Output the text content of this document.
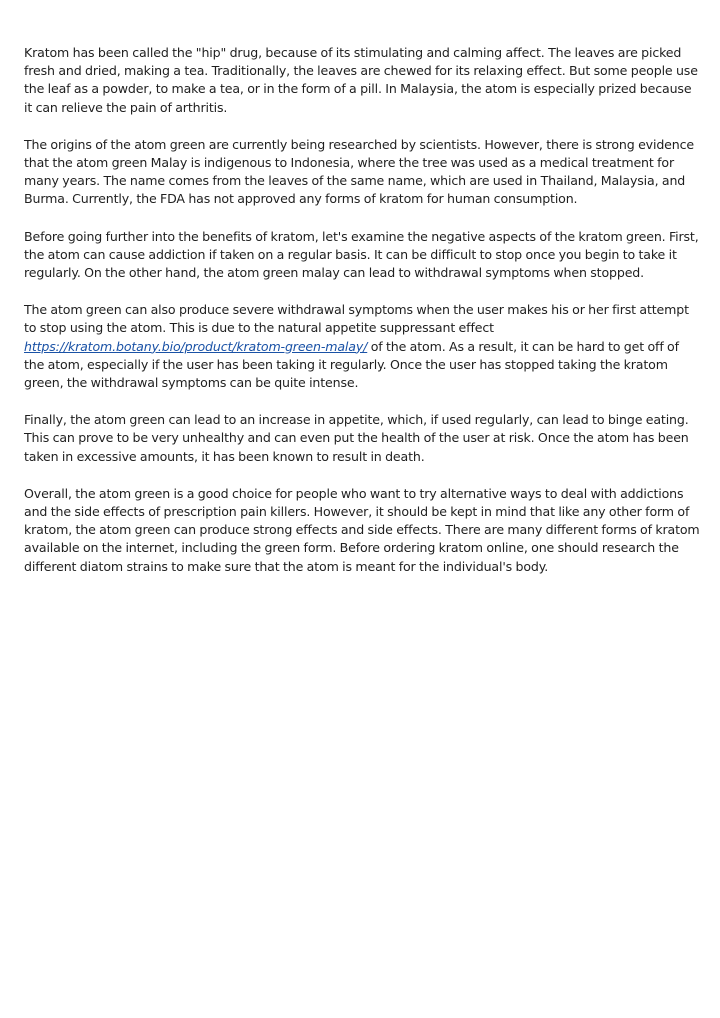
Kratom has been called the "hip" drug, because of its stimulating and calming affect. The leaves are picked fresh and dried, making a tea. Traditionally, the leaves are chewed for its relaxing effect. But some people use the leaf as a powder, to make a tea, or in the form of a pill. In Malaysia, the atom is especially prized because it can relieve the pain of arthritis.

The origins of the atom green are currently being researched by scientists. However, there is strong evidence that the atom green Malay is indigenous to Indonesia, where the tree was used as a medical treatment for many years. The name comes from the leaves of the same name, which are used in Thailand, Malaysia, and Burma. Currently, the FDA has not approved any forms of kratom for human consumption.

Before going further into the benefits of kratom, let's examine the negative aspects of the kratom green. First, the atom can cause addiction if taken on a regular basis. It can be difficult to stop once you begin to take it regularly. On the other hand, the atom green malay can lead to withdrawal symptoms when stopped.

The atom green can also produce severe withdrawal symptoms when the user makes his or her first attempt to stop using the atom. This is due to the natural appetite suppressant effect https://kratom.botany.bio/product/kratom-green-malay/ of the atom. As a result, it can be hard to get off of the atom, especially if the user has been taking it regularly. Once the user has stopped taking the kratom green, the withdrawal symptoms can be quite intense.

Finally, the atom green can lead to an increase in appetite, which, if used regularly, can lead to binge eating. This can prove to be very unhealthy and can even put the health of the user at risk. Once the atom has been taken in excessive amounts, it has been known to result in death.

Overall, the atom green is a good choice for people who want to try alternative ways to deal with addictions and the side effects of prescription pain killers. However, it should be kept in mind that like any other form of kratom, the atom green can produce strong effects and side effects. There are many different forms of kratom available on the internet, including the green form. Before ordering kratom online, one should research the different diatom strains to make sure that the atom is meant for the individual's body.
